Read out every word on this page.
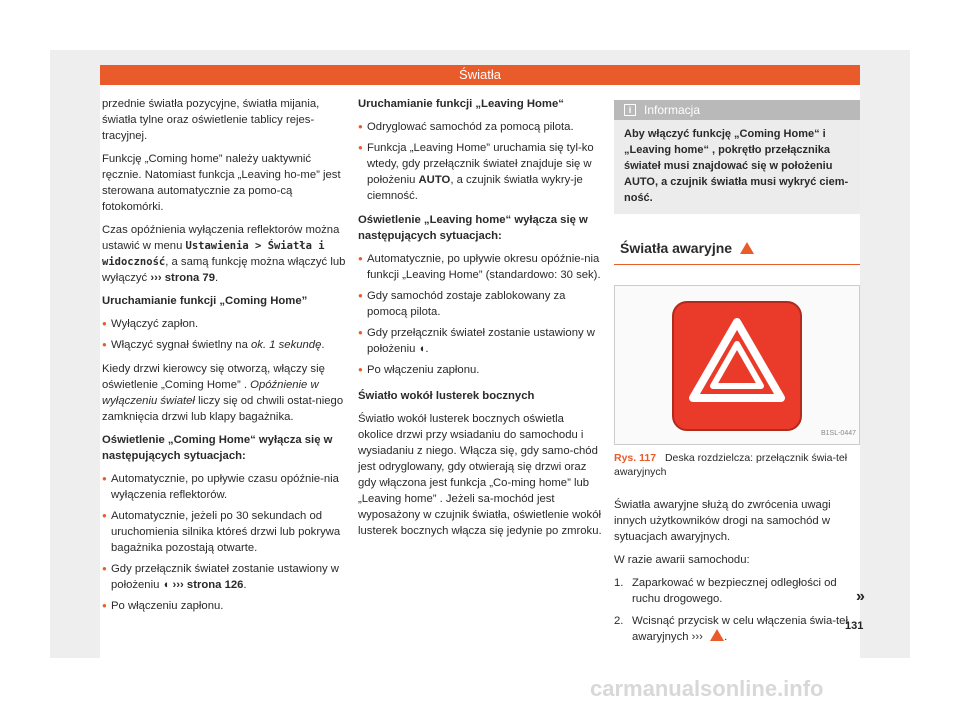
Światła

przednie światła pozycyjne, światła mijania, światła tylne oraz oświetlenie tablicy rejes-tracyjnej.

Funkcję „Coming home” należy uaktywnić ręcznie. Natomiast funkcja „Leaving ho-me” jest sterowana automatycznie za pomo-cą fotokomórki.

Czas opóźnienia wyłączenia reflektorów można ustawić w menu Ustawienia > Światła i widoczność, a samą funkcję można włączyć lub wyłączyć ››› strona 79.

Uruchamianie funkcji „Coming Home”
● Wyłączyć zapłon.
● Włączyć sygnał świetlny na ok. 1 sekundę.

Kiedy drzwi kierowcy się otworzą, włączy się oświetlenie „Coming Home” . Opóźnienie w wyłączeniu świateł liczy się od chwili ostat-niego zamknięcia drzwi lub klapy bagażnika.

Oświetlenie „Coming Home“ wyłącza się w następujących sytuacjach:
● Automatycznie, po upływie czasu opóźnie-nia wyłączenia reflektorów.
● Automatycznie, jeżeli po 30 sekundach od uruchomienia silnika któreś drzwi lub pokrywa bagażnika pozostają otwarte.
● Gdy przełącznik świateł zostanie ustawiony w położeniu ◖ ››› strona 126.
● Po włączeniu zapłonu.
Uruchamianie funkcji „Leaving Home“
● Odryglować samochód za pomocą pilota.
● Funkcja „Leaving Home” uruchamia się tyl-ko wtedy, gdy przełącznik świateł znajduje się w położeniu AUTO, a czujnik światła wykry-je ciemność.
Oświetlenie „Leaving home“ wyłącza się w następujących sytuacjach:
● Automatycznie, po upływie okresu opóźnie-nia funkcji „Leaving Home” (standardowo: 30 sek).
● Gdy samochód zostaje zablokowany za pomocą pilota.
● Gdy przełącznik świateł zostanie ustawiony w położeniu ◖.
● Po włączeniu zapłonu.
Światło wokół lusterek bocznych

Światło wokół lusterek bocznych oświetla okolice drzwi przy wsiadaniu do samochodu i wysiadaniu z niego. Włącza się, gdy samo-chód jest odryglowany, gdy otwierają się drzwi oraz gdy włączona jest funkcja „Co-ming home” lub „Leaving home” . Jeżeli sa-mochód jest wyposażony w czujnik światła, oświetlenie wokół lusterek bocznych włącza się jedynie po zmroku.

i	Informacja
Aby włączyć funkcję „Coming Home“ i „Leaving home“ , pokrętło przełącznika świateł musi znajdować się w położeniu AUTO, a czujnik światła musi wykryć ciem-ność.
Światła awaryjne
B1SL-0447
Rys. 117 Deska rozdzielcza: przełącznik świa-teł awaryjnych

Światła awaryjne służą do zwrócenia uwagi innych użytkowników drogi na samochód w sytuacjach awaryjnych.

W razie awarii samochodu:

1. Zaparkować w bezpiecznej odległości od ruchu drogowego.
2. Wcisnąć przycisk w celu włączenia świa-teł awaryjnych ››› .
»
131
carmanualsonline.info
